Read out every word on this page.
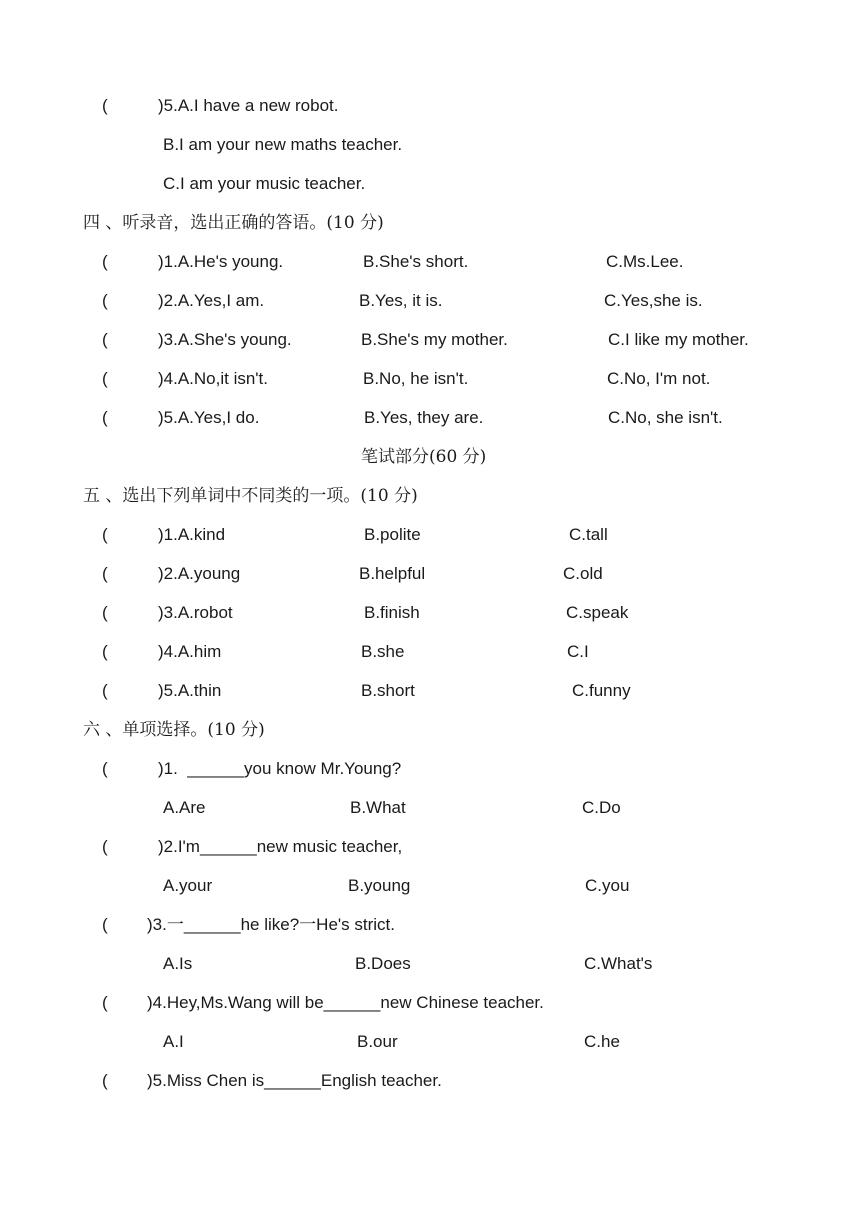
(	)5.A.I have a new robot.
B.I am your new maths teacher.
C.I am your music teacher.
四 、听录音，选出正确的答语。(10 分)
(	)1.A.He's young.	B.She's short.	C.Ms.Lee.
(	)2.A.Yes,I am.	B.Yes, it is.	C.Yes,she is.
(	)3.A.She's young.	B.She's my mother.	C.I like my mother.
(	)4.A.No,it isn't.	B.No, he isn't.	C.No, I'm not.
(	)5.A.Yes,I do.	B.Yes, they are.	C.No, she isn't.
笔试部分(60 分)
五 、选出下列单词中不同类的一项。(10 分)
(	)1.A.kind	B.polite	C.tall
(	)2.A.young	B.helpful	C.old
(	)3.A.robot	B.finish	C.speak
(	)4.A.him	B.she	C.I
(	)5.A.thin	B.short	C.funny
六 、单项选择。(10 分)
(	)1.  ______you know Mr.Young?
A.Are	B.What	C.Do
(	)2.I'm______new music teacher,
A.your	B.young	C.you
( )3.一______he like?一He's strict.
A.Is	B.Does	C.What's
( )4.Hey,Ms.Wang will be______new Chinese teacher.
A.I	B.our	C.he
( )5.Miss Chen is______English teacher.
